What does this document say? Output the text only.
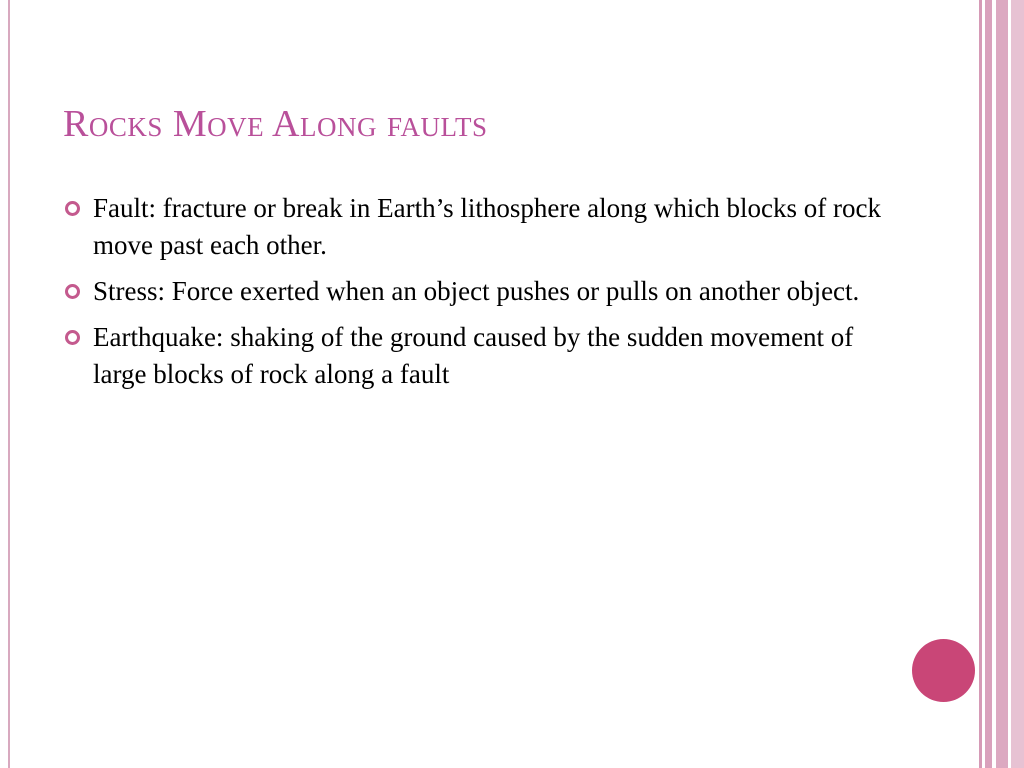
Rocks Move Along faults
Fault: fracture or break in Earth’s lithosphere along which blocks of rock move past each other.
Stress: Force exerted when an object pushes or pulls on another object.
Earthquake: shaking of the ground caused by the sudden movement of large blocks of rock along a fault
